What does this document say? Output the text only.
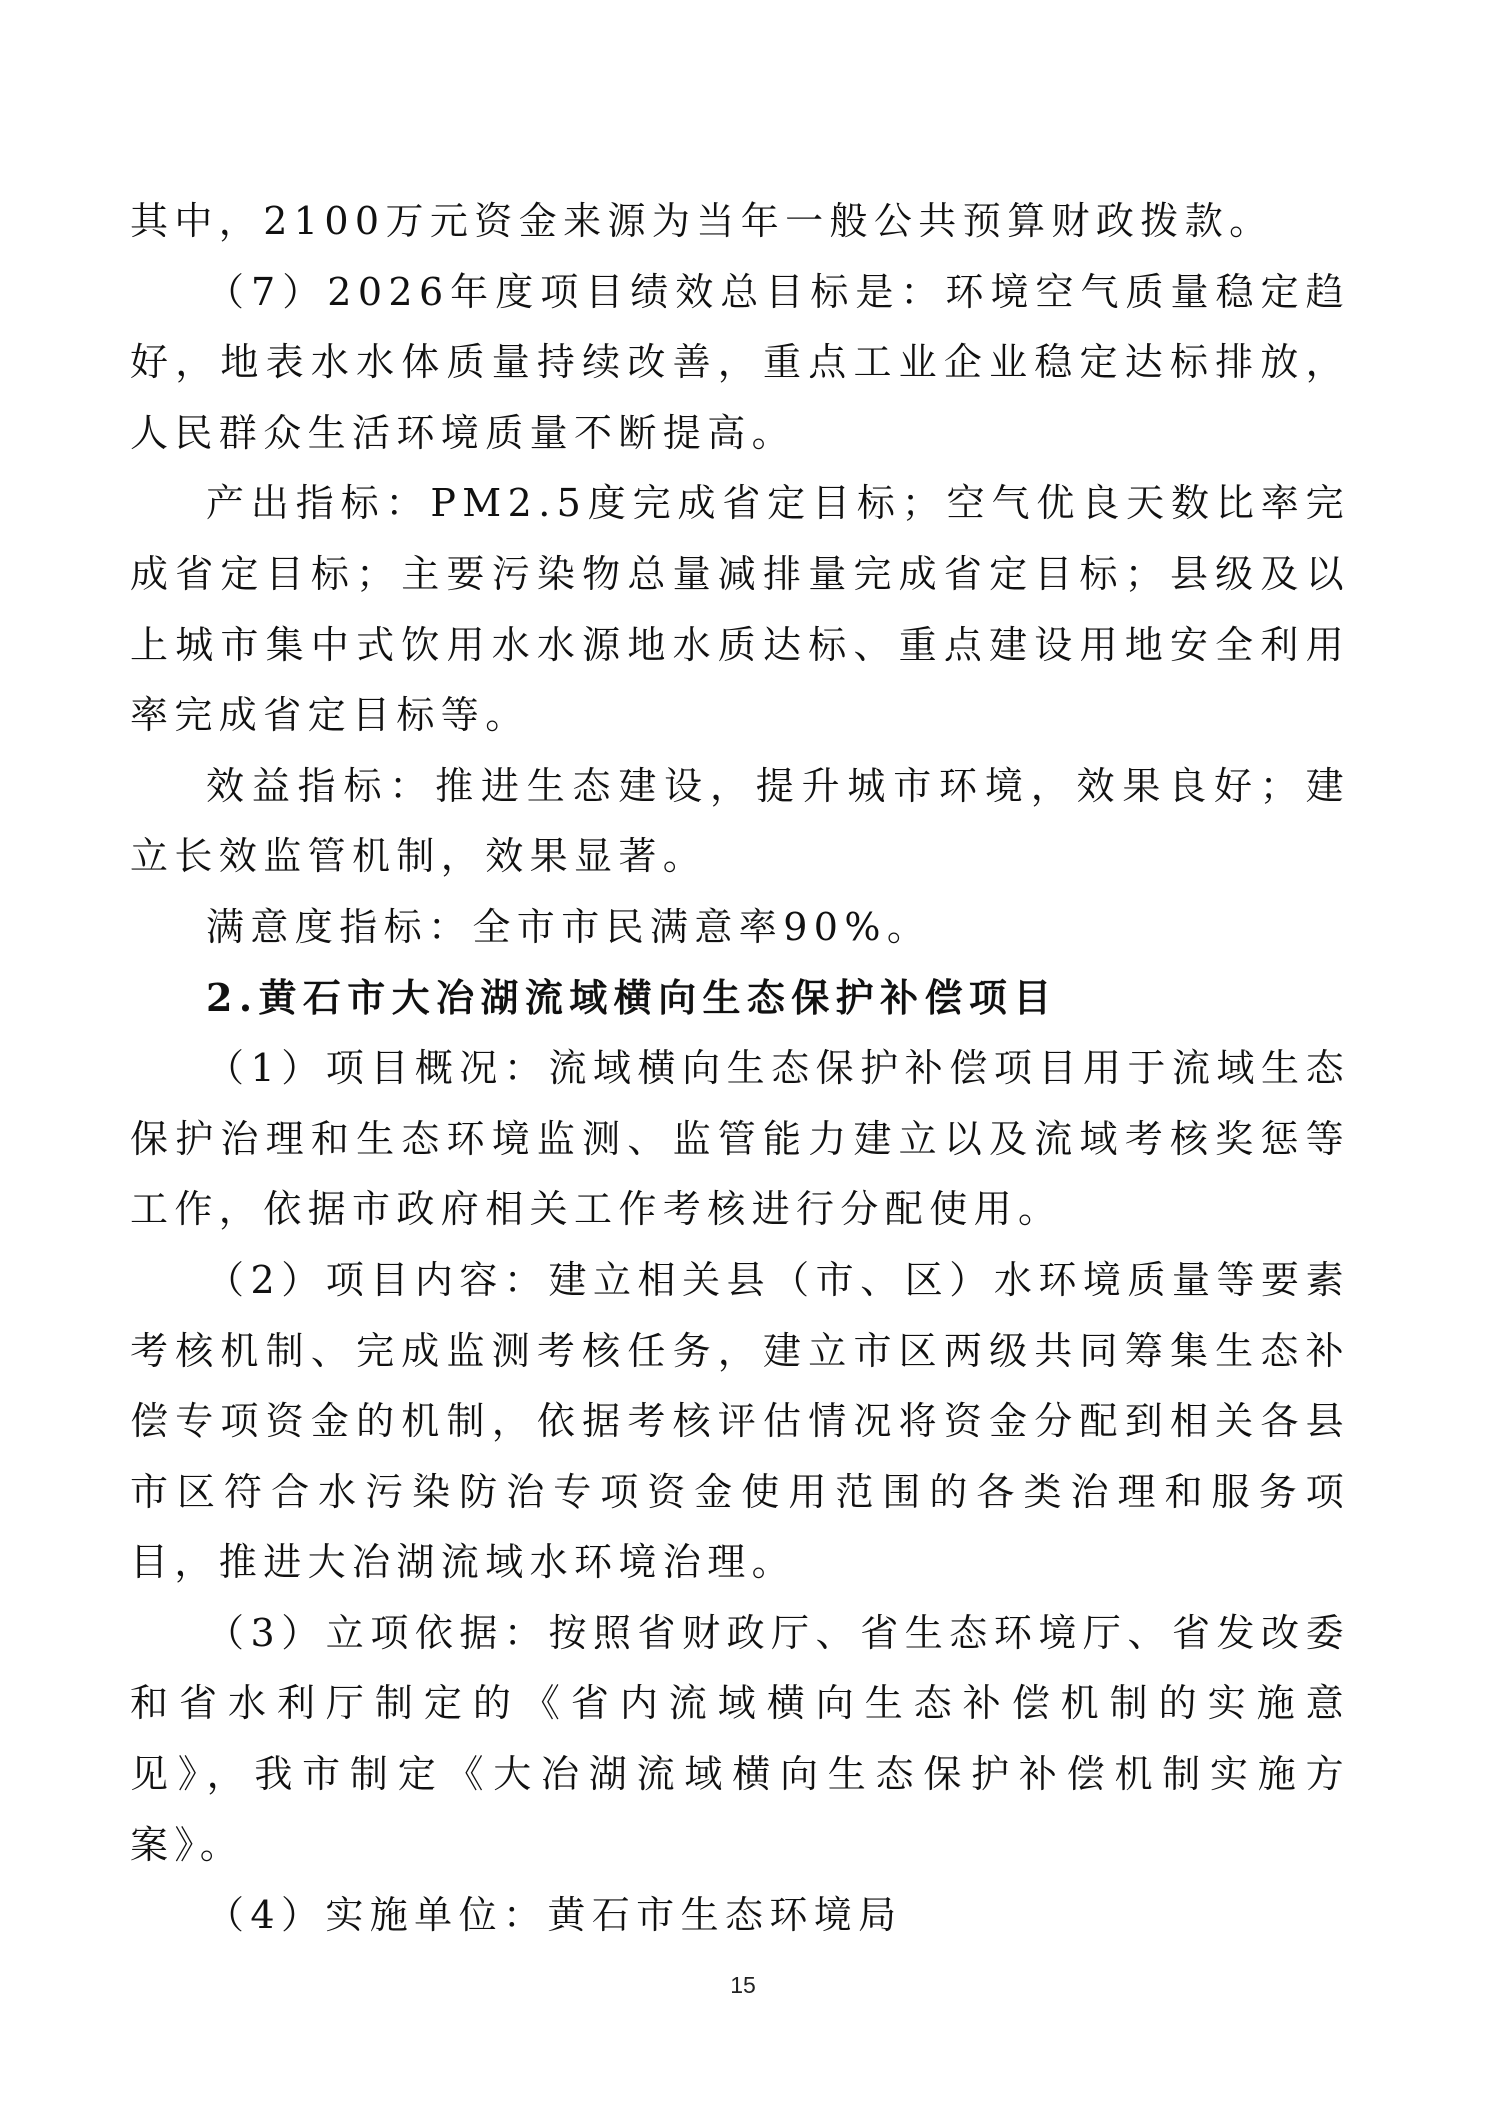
其中，2100万元资金来源为当年一般公共预算财政拨款。

（7）2026年度项目绩效总目标是：环境空气质量稳定趋好，地表水水体质量持续改善，重点工业企业稳定达标排放，人民群众生活环境质量不断提高。

产出指标：PM2.5度完成省定目标；空气优良天数比率完成省定目标；主要污染物总量减排量完成省定目标；县级及以上城市集中式饮用水水源地水质达标、重点建设用地安全利用率完成省定目标等。

效益指标：推进生态建设，提升城市环境，效果良好；建立长效监管机制，效果显著。

满意度指标：全市市民满意率90%。

2.黄石市大冶湖流域横向生态保护补偿项目

（1）项目概况：流域横向生态保护补偿项目用于流域生态保护治理和生态环境监测、监管能力建立以及流域考核奖惩等工作，依据市政府相关工作考核进行分配使用。

（2）项目内容：建立相关县（市、区）水环境质量等要素考核机制、完成监测考核任务，建立市区两级共同筹集生态补偿专项资金的机制，依据考核评估情况将资金分配到相关各县市区符合水污染防治专项资金使用范围的各类治理和服务项目，推进大冶湖流域水环境治理。

（3）立项依据：按照省财政厅、省生态环境厅、省发改委和省水利厅制定的《省内流域横向生态补偿机制的实施意见》，我市制定《大冶湖流域横向生态保护补偿机制实施方案》。

（4）实施单位：黄石市生态环境局

15
